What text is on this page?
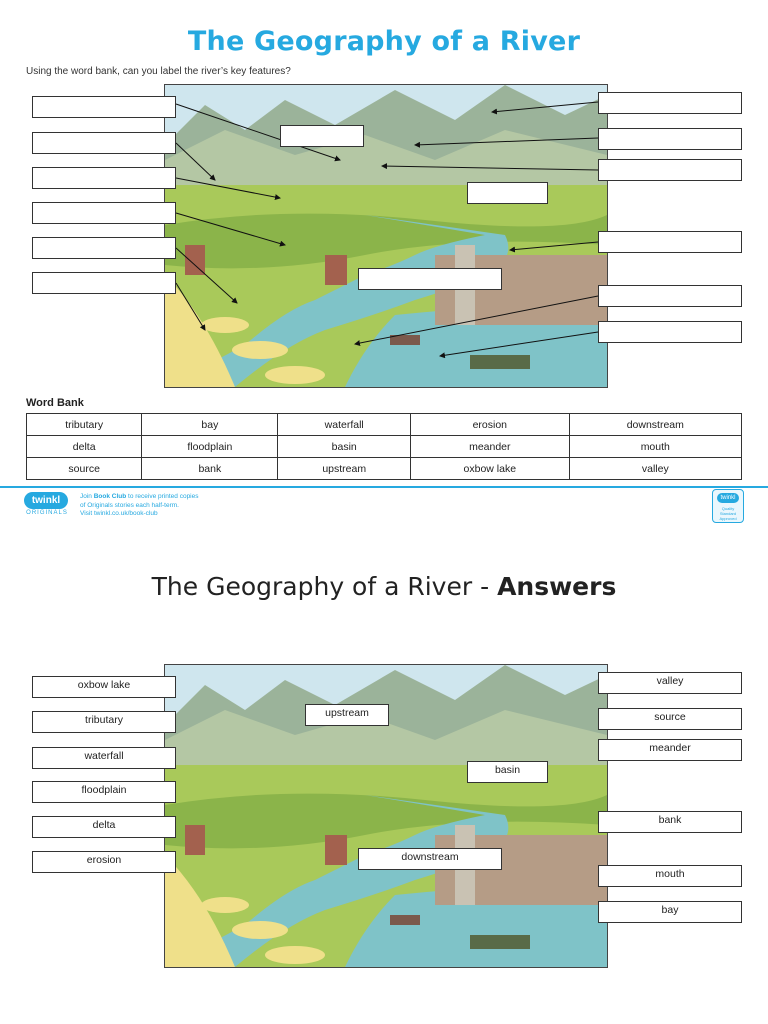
The Geography of a River
Using the word bank, can you label the river’s key features?
Word Bank
tributary	bay	waterfall	erosion	downstream
delta	floodplain	basin	meander	mouth
source	bank	upstream	oxbow lake	valley
twinkl
ORIGINALS
Join Book Club to receive printed copies
of Originals stories each half-term.
Visit twinkl.co.uk/book-club
twinkl
Quality Standard Approved
The Geography of a River - Answers
oxbow lake
tributary
waterfall
floodplain
delta
erosion
valley
source
meander
bank
mouth
bay
upstream
basin
downstream
